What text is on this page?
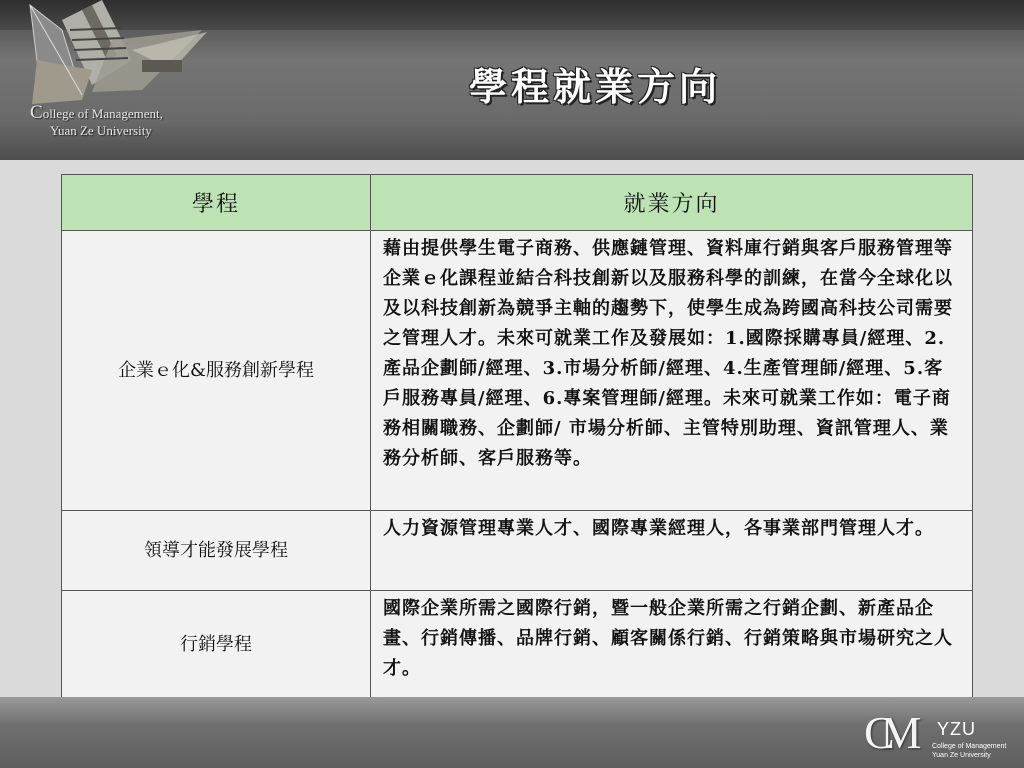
College of Management,
Yuan Ze University
學程就業方向
學程	就業方向
企業ｅ化&服務創新學程	藉由提供學生電子商務、供應鏈管理、資料庫行銷與客戶服務管理等企業ｅ化課程並結合科技創新以及服務科學的訓練，在當今全球化以及以科技創新為競爭主軸的趨勢下，使學生成為跨國高科技公司需要之管理人才。未來可就業工作及發展如：1.國際採購專員/經理、2.產品企劃師/經理、3.市場分析師/經理、4.生產管理師/經理、5.客戶服務專員/經理、6.專案管理師/經理。未來可就業工作如：電子商務相關職務、企劃師/ 市場分析師、主管特別助理、資訊管理人、業務分析師、客戶服務等。
領導才能發展學程	人力資源管理專業人才、國際專業經理人，各事業部門管理人才。
行銷學程	國際企業所需之國際行銷，暨一般企業所需之行銷企劃、新產品企畫、行銷傳播、品牌行銷、顧客關係行銷、行銷策略與市場研究之人才。
CM YZU
College of Management
Yuan Ze University
